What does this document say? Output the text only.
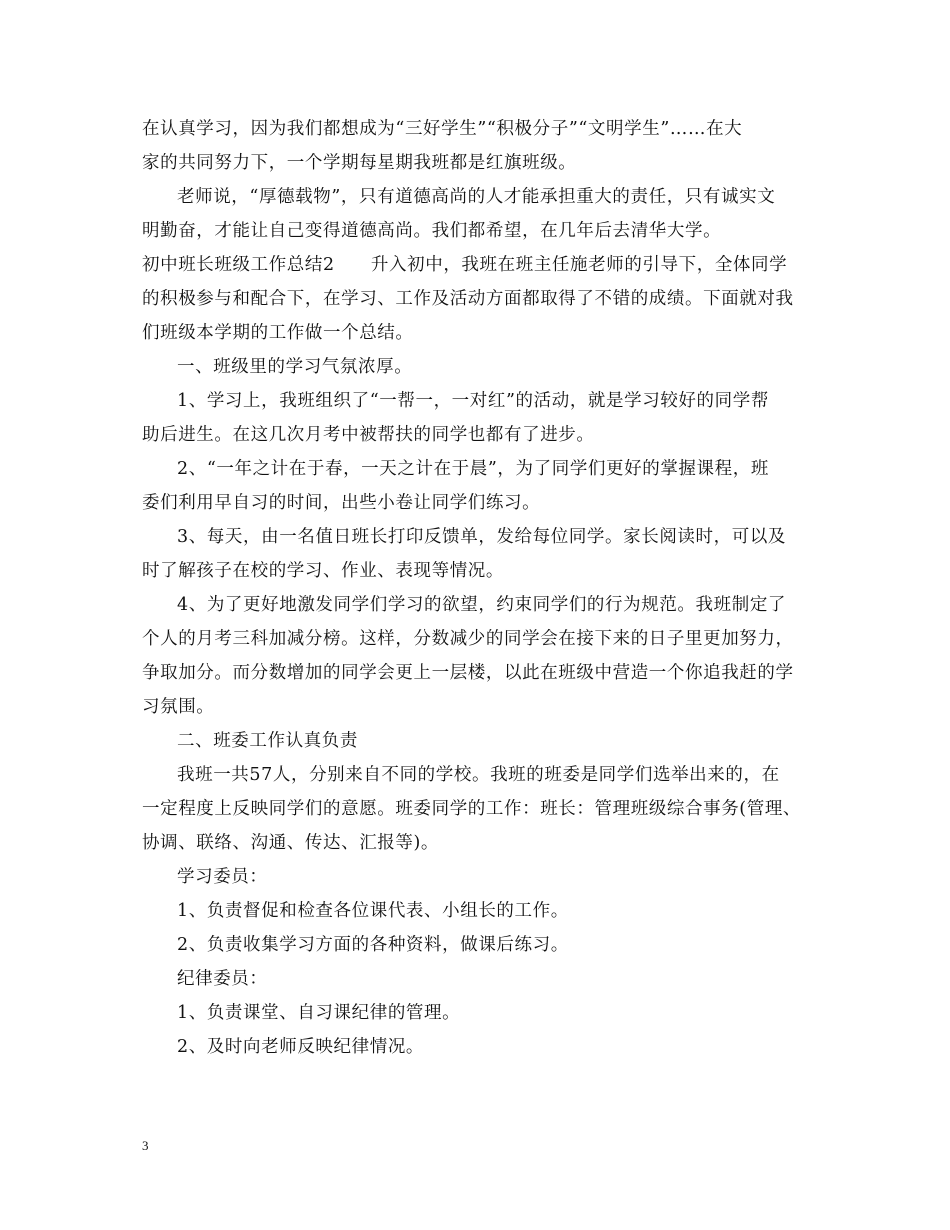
在认真学习，因为我们都想成为“三好学生”“积极分子”“文明学生”……在大
家的共同努力下，一个学期每星期我班都是红旗班级。
老师说，“厚德载物”，只有道德高尚的人才能承担重大的责任，只有诚实文
明勤奋，才能让自己变得道德高尚。我们都希望，在几年后去清华大学。
初中班长班级工作总结2　　升入初中，我班在班主任施老师的引导下，全体同学
的积极参与和配合下，在学习、工作及活动方面都取得了不错的成绩。下面就对我
们班级本学期的工作做一个总结。
一、班级里的学习气氛浓厚。
1、学习上，我班组织了“一帮一，一对红”的活动，就是学习较好的同学帮
助后进生。在这几次月考中被帮扶的同学也都有了进步。
2、“一年之计在于春，一天之计在于晨”，为了同学们更好的掌握课程，班
委们利用早自习的时间，出些小卷让同学们练习。
3、每天，由一名值日班长打印反馈单，发给每位同学。家长阅读时，可以及
时了解孩子在校的学习、作业、表现等情况。
4、为了更好地激发同学们学习的欲望，约束同学们的行为规范。我班制定了
个人的月考三科加减分榜。这样，分数减少的同学会在接下来的日子里更加努力，
争取加分。而分数增加的同学会更上一层楼，以此在班级中营造一个你追我赶的学
习氛围。
二、班委工作认真负责
我班一共57人，分别来自不同的学校。我班的班委是同学们选举出来的，在
一定程度上反映同学们的意愿。班委同学的工作：班长：管理班级综合事务(管理、
协调、联络、沟通、传达、汇报等)。
学习委员：
1、负责督促和检查各位课代表、小组长的工作。
2、负责收集学习方面的各种资料，做课后练习。
纪律委员：
1、负责课堂、自习课纪律的管理。
2、及时向老师反映纪律情况。
3
